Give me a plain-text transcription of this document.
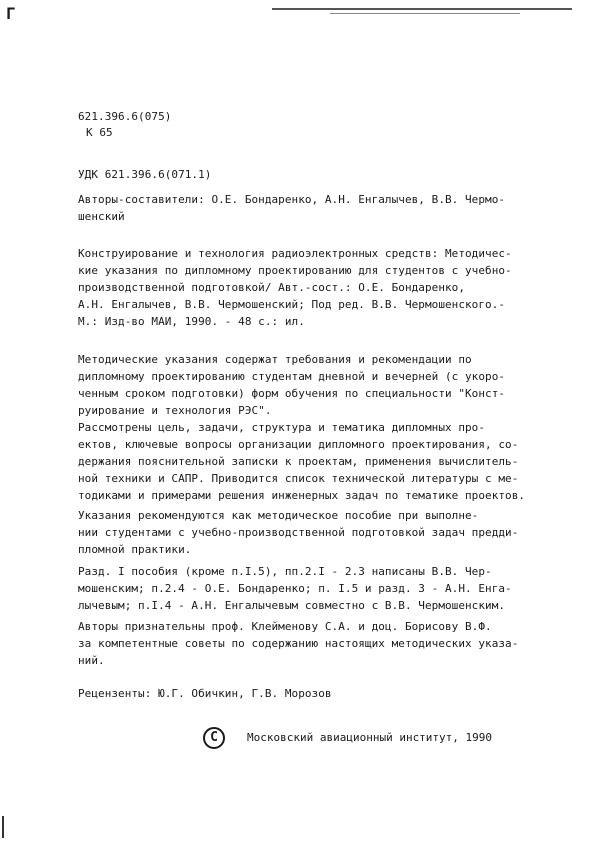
Г
621.396.6(075)
К 65
УДК 621.396.6(071.1)
Авторы-составители: О.Е. Бондаренко, А.Н. Енгалычев, В.В. Чермо-
шенский
Конструирование и технология радиоэлектронных средств: Методичес-
кие указания по дипломному проектированию для студентов с учебно-
производственной подготовкой/ Авт.-сост.: О.Е. Бондаренко,
А.Н. Енгалычев, В.В. Чермошенский; Под ред. В.В. Чермошенского.-
М.: Изд-во МАИ, 1990. - 48 с.: ил.
Методические указания содержат требования и рекомендации по
дипломному проектированию студентам дневной и вечерней (с укоро-
ченным сроком подготовки) форм обучения по специальности "Конст-
руирование и технология РЭС".
Рассмотрены цель, задачи, структура и тематика дипломных про-
ектов, ключевые вопросы организации дипломного проектирования, со-
держания пояснительной записки к проектам, применения вычислитель-
ной техники и САПР. Приводится список технической литературы с ме-
тодиками и примерами решения инженерных задач по тематике проектов.
Указания рекомендуются как методическое пособие при выполне-
нии студентами с учебно-производственной подготовкой задач предди-
пломной практики.
Разд. I пособия (кроме п.I.5), пп.2.I - 2.3 написаны В.В. Чер-
мошенским; п.2.4 - О.Е. Бондаренко; п. I.5 и разд. 3 - А.Н. Енга-
лычевым; п.I.4 - А.Н. Енгалычевым совместно с В.В. Чермошенским.
Авторы признательны проф. Клейменову С.А. и доц. Борисову В.Ф.
за компетентные советы по содержанию настоящих методических указа-
ний.
Рецензенты: Ю.Г. Обичкин, Г.В. Морозов
С	Московский авиационный институт, 1990
